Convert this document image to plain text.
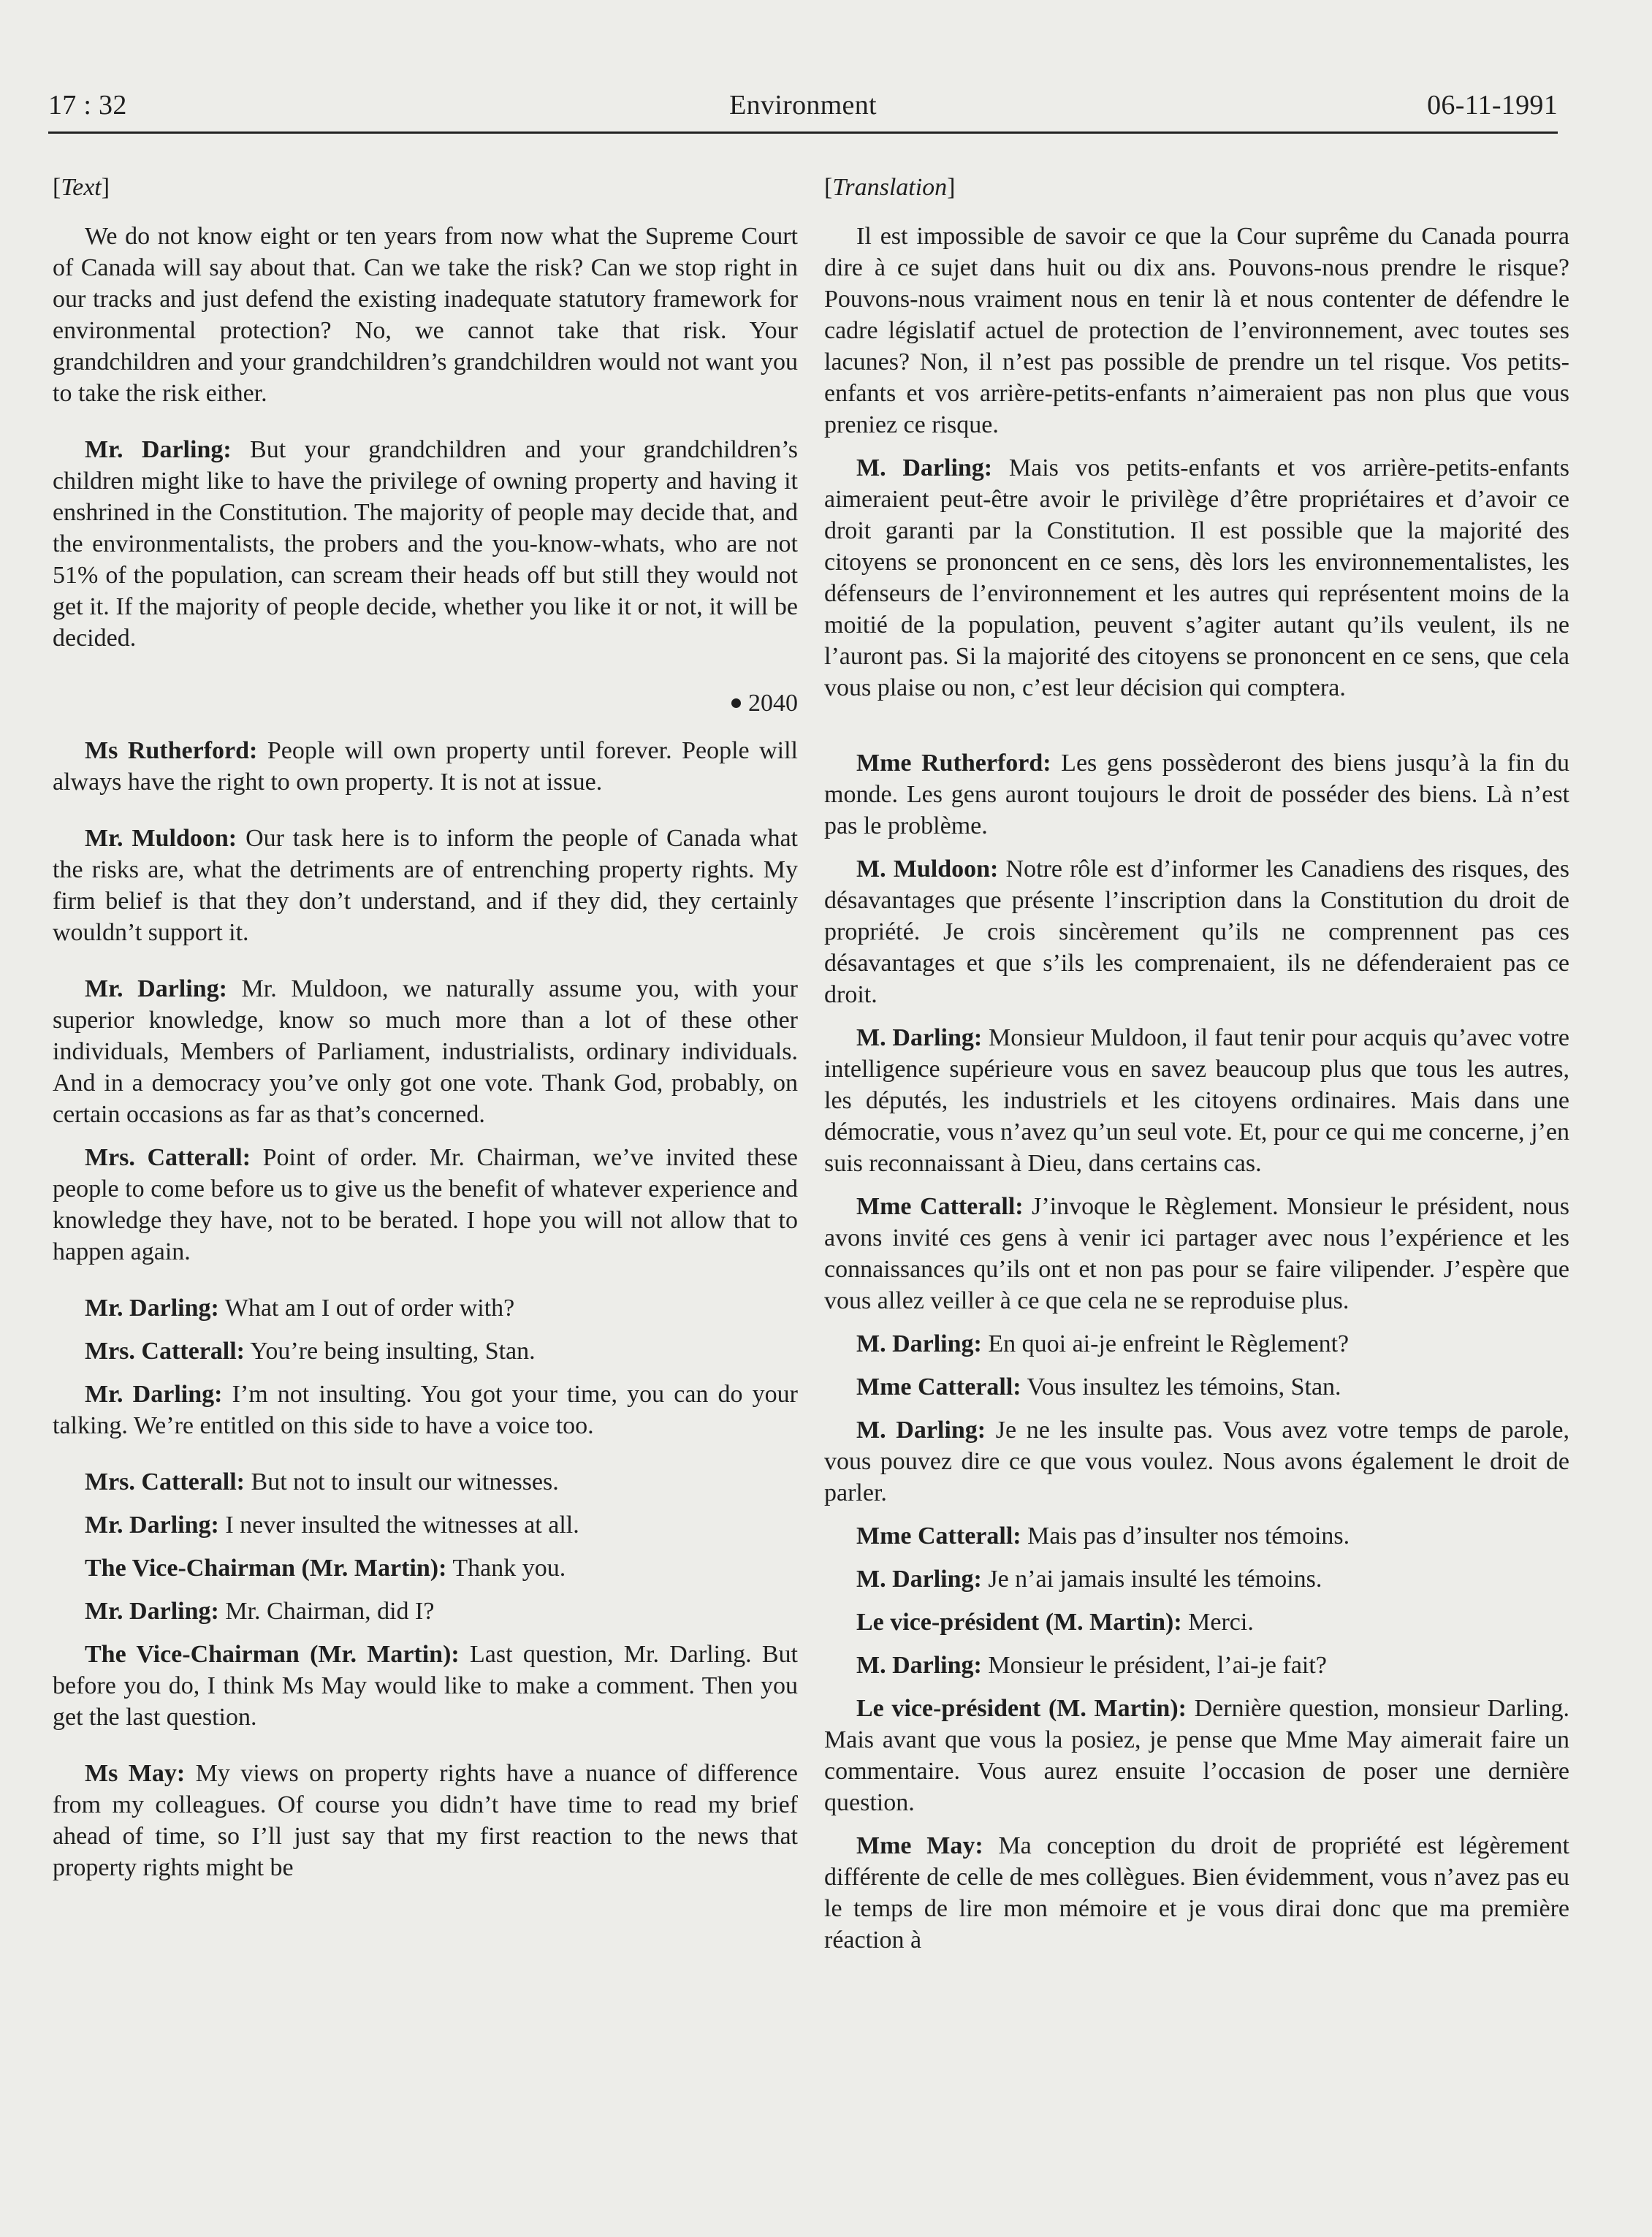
17 : 32	Environment	06-11-1991
[Text]

We do not know eight or ten years from now what the Supreme Court of Canada will say about that. Can we take the risk? Can we stop right in our tracks and just defend the existing inadequate statutory framework for environmental protection? No, we cannot take that risk. Your grandchildren and your grandchildren’s grandchildren would not want you to take the risk either.

Mr. Darling: But your grandchildren and your grandchildren’s children might like to have the privilege of owning property and having it enshrined in the Constitution. The majority of people may decide that, and the environmentalists, the probers and the you-know-whats, who are not 51% of the population, can scream their heads off but still they would not get it. If the majority of people decide, whether you like it or not, it will be decided.

2040

Ms Rutherford: People will own property until forever. People will always have the right to own property. It is not at issue.

Mr. Muldoon: Our task here is to inform the people of Canada what the risks are, what the detriments are of entrenching property rights. My firm belief is that they don’t understand, and if they did, they certainly wouldn’t support it.

Mr. Darling: Mr. Muldoon, we naturally assume you, with your superior knowledge, know so much more than a lot of these other individuals, Members of Parliament, industrialists, ordinary individuals. And in a democracy you’ve only got one vote. Thank God, probably, on certain occasions as far as that’s concerned.

Mrs. Catterall: Point of order. Mr. Chairman, we’ve invited these people to come before us to give us the benefit of whatever experience and knowledge they have, not to be berated. I hope you will not allow that to happen again.

Mr. Darling: What am I out of order with?

Mrs. Catterall: You’re being insulting, Stan.

Mr. Darling: I’m not insulting. You got your time, you can do your talking. We’re entitled on this side to have a voice too.

Mrs. Catterall: But not to insult our witnesses.

Mr. Darling: I never insulted the witnesses at all.

The Vice-Chairman (Mr. Martin): Thank you.

Mr. Darling: Mr. Chairman, did I?

The Vice-Chairman (Mr. Martin): Last question, Mr. Darling. But before you do, I think Ms May would like to make a comment. Then you get the last question.

Ms May: My views on property rights have a nuance of difference from my colleagues. Of course you didn’t have time to read my brief ahead of time, so I’ll just say that my first reaction to the news that property rights might be

[Translation]

Il est impossible de savoir ce que la Cour suprême du Canada pourra dire à ce sujet dans huit ou dix ans. Pouvons-nous prendre le risque? Pouvons-nous vraiment nous en tenir là et nous contenter de défendre le cadre législatif actuel de protection de l’environnement, avec toutes ses lacunes? Non, il n’est pas possible de prendre un tel risque. Vos petits-enfants et vos arrière-petits-enfants n’aimeraient pas non plus que vous preniez ce risque.

M. Darling: Mais vos petits-enfants et vos arrière-petits-enfants aimeraient peut-être avoir le privilège d’être propriétaires et d’avoir ce droit garanti par la Constitution. Il est possible que la majorité des citoyens se prononcent en ce sens, dès lors les environnementalistes, les défenseurs de l’environnement et les autres qui représentent moins de la moitié de la population, peuvent s’agiter autant qu’ils veulent, ils ne l’auront pas. Si la majorité des citoyens se prononcent en ce sens, que cela vous plaise ou non, c’est leur décision qui comptera.

Mme Rutherford: Les gens possèderont des biens jusqu’à la fin du monde. Les gens auront toujours le droit de posséder des biens. Là n’est pas le problème.

M. Muldoon: Notre rôle est d’informer les Canadiens des risques, des désavantages que présente l’inscription dans la Constitution du droit de propriété. Je crois sincèrement qu’ils ne comprennent pas ces désavantages et que s’ils les comprenaient, ils ne défenderaient pas ce droit.

M. Darling: Monsieur Muldoon, il faut tenir pour acquis qu’avec votre intelligence supérieure vous en savez beaucoup plus que tous les autres, les députés, les industriels et les citoyens ordinaires. Mais dans une démocratie, vous n’avez qu’un seul vote. Et, pour ce qui me concerne, j’en suis reconnaissant à Dieu, dans certains cas.

Mme Catterall: J’invoque le Règlement. Monsieur le président, nous avons invité ces gens à venir ici partager avec nous l’expérience et les connaissances qu’ils ont et non pas pour se faire vilipender. J’espère que vous allez veiller à ce que cela ne se reproduise plus.

M. Darling: En quoi ai-je enfreint le Règlement?

Mme Catterall: Vous insultez les témoins, Stan.

M. Darling: Je ne les insulte pas. Vous avez votre temps de parole, vous pouvez dire ce que vous voulez. Nous avons également le droit de parler.

Mme Catterall: Mais pas d’insulter nos témoins.

M. Darling: Je n’ai jamais insulté les témoins.

Le vice-président (M. Martin): Merci.

M. Darling: Monsieur le président, l’ai-je fait?

Le vice-président (M. Martin): Dernière question, monsieur Darling. Mais avant que vous la posiez, je pense que Mme May aimerait faire un commentaire. Vous aurez ensuite l’occasion de poser une dernière question.

Mme May: Ma conception du droit de propriété est légèrement différente de celle de mes collègues. Bien évidemment, vous n’avez pas eu le temps de lire mon mémoire et je vous dirai donc que ma première réaction à
